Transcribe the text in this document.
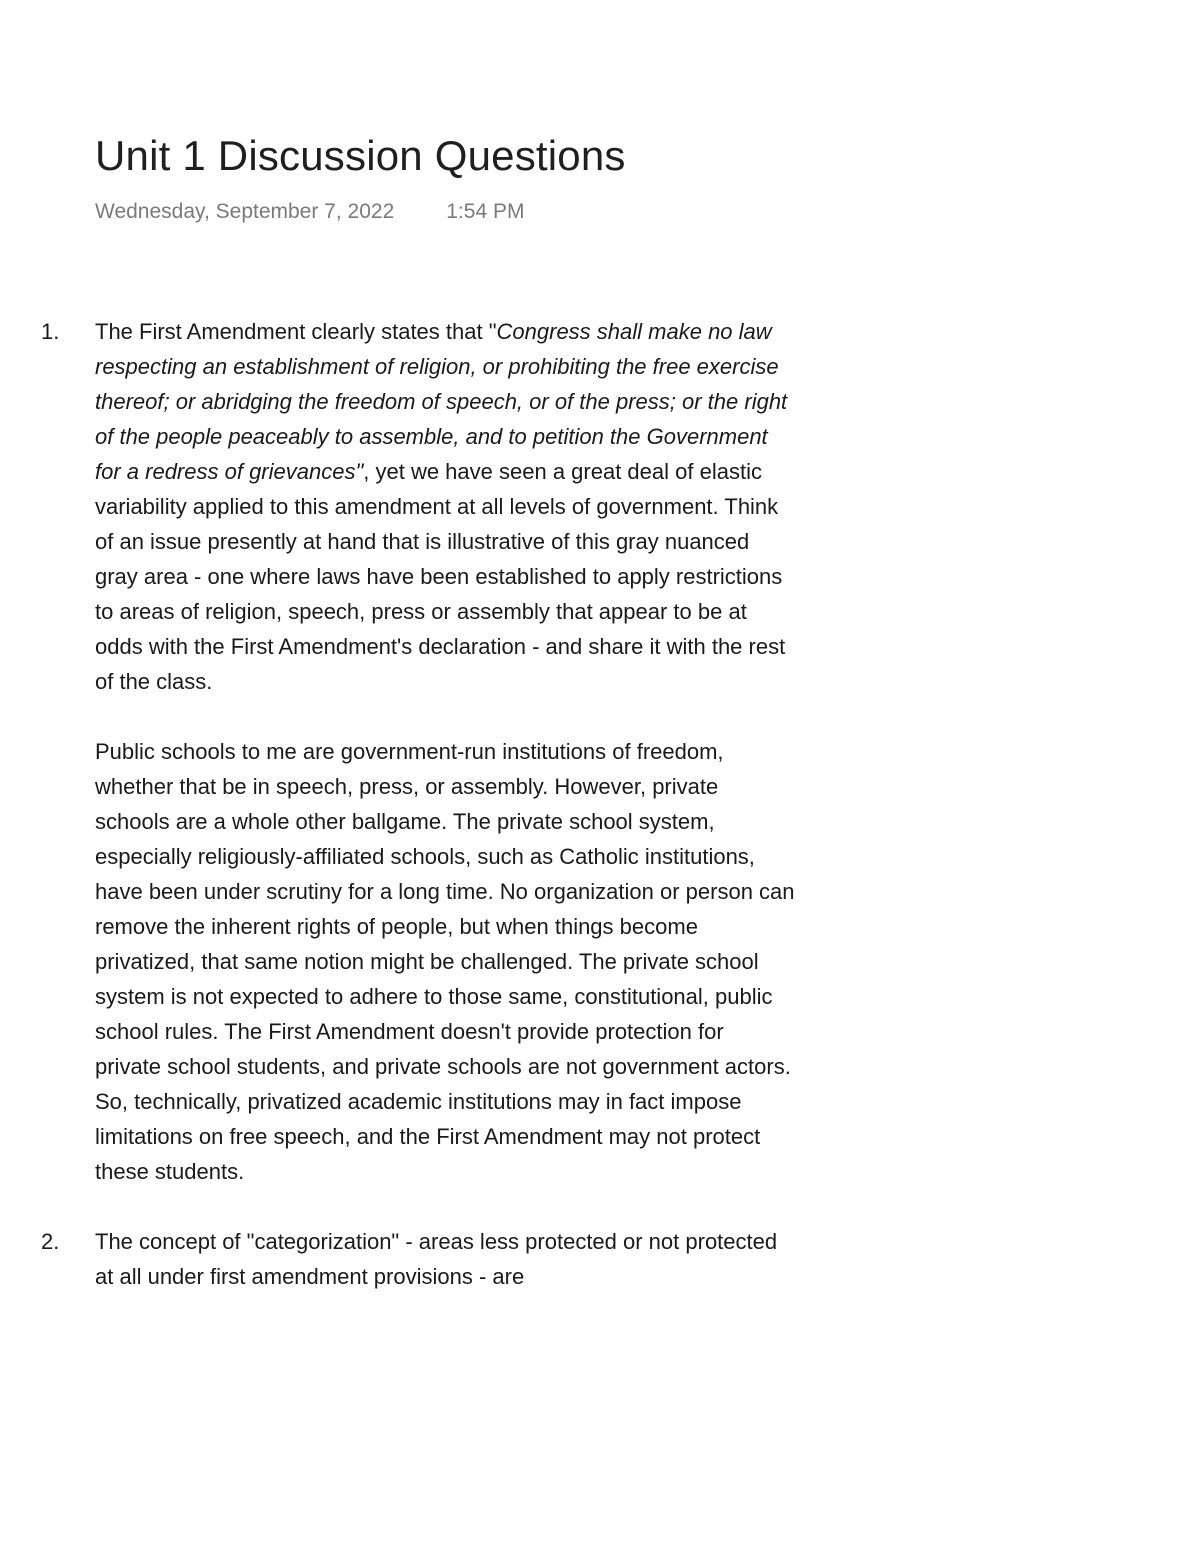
Unit 1 Discussion Questions
Wednesday, September 7, 2022 1:54 PM
1. The First Amendment clearly states that "Congress shall make no law respecting an establishment of religion, or prohibiting the free exercise thereof; or abridging the freedom of speech, or of the press; or the right of the people peaceably to assemble, and to petition the Government for a redress of grievances", yet we have seen a great deal of elastic variability applied to this amendment at all levels of government. Think of an issue presently at hand that is illustrative of this gray nuanced gray area - one where laws have been established to apply restrictions to areas of religion, speech, press or assembly that appear to be at odds with the First Amendment's declaration - and share it with the rest of the class.

Public schools to me are government-run institutions of freedom, whether that be in speech, press, or assembly. However, private schools are a whole other ballgame. The private school system, especially religiously-affiliated schools, such as Catholic institutions, have been under scrutiny for a long time. No organization or person can remove the inherent rights of people, but when things become privatized, that same notion might be challenged. The private school system is not expected to adhere to those same, constitutional, public school rules. The First Amendment doesn't provide protection for private school students, and private schools are not government actors. So, technically, privatized academic institutions may in fact impose limitations on free speech, and the First Amendment may not protect these students.

2. The concept of "categorization" - areas less protected or not protected at all under first amendment provisions - are
